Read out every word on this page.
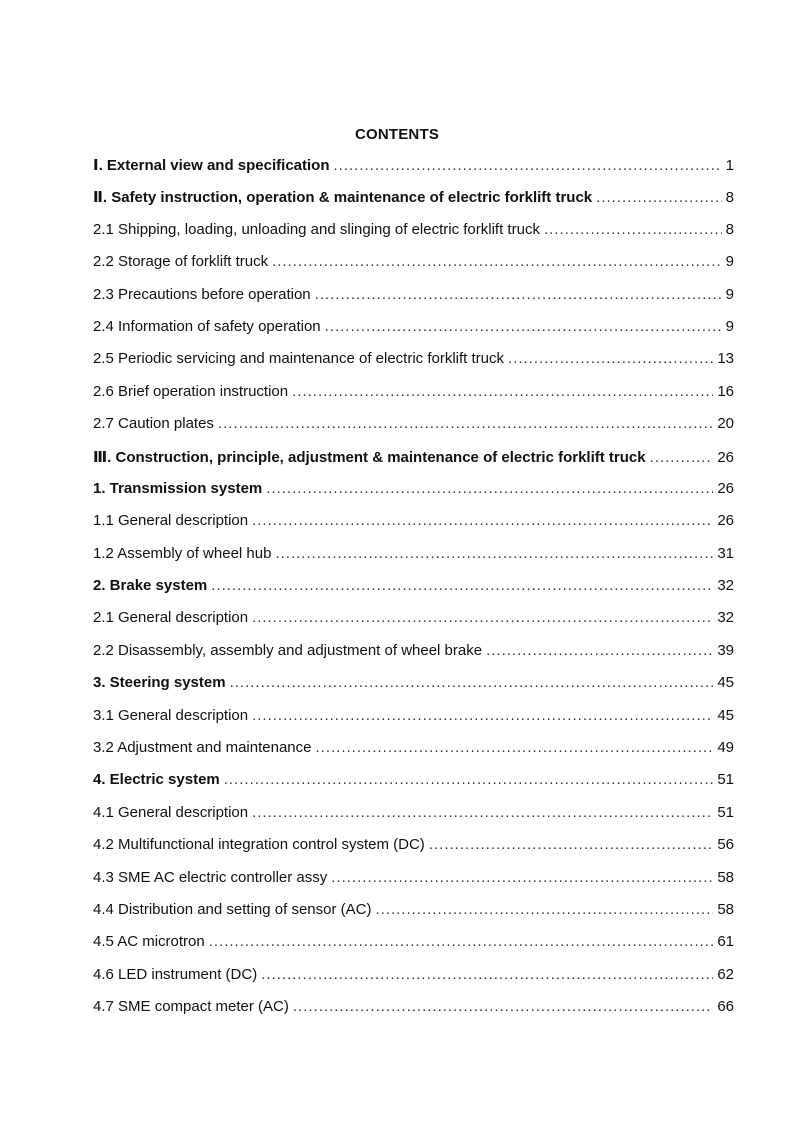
CONTENTS
Ⅰ. External view and specification .....	1
Ⅱ. Safety instruction, operation & maintenance of electric forklift truck .....	8
2.1 Shipping, loading, unloading and slinging of electric forklift truck .....	8
2.2 Storage of forklift truck .....	9
2.3 Precautions before operation .....	9
2.4 Information of safety operation .....	9
2.5 Periodic servicing and maintenance of electric forklift truck .....	13
2.6 Brief operation instruction .....	16
2.7 Caution plates .....	20
Ⅲ. Construction, principle, adjustment & maintenance of electric forklift truck .....	26
1. Transmission system .....	26
1.1 General description .....	26
1.2 Assembly of wheel hub .....	31
2. Brake system .....	32
2.1 General description .....	32
2.2 Disassembly, assembly and adjustment of wheel brake .....	39
3. Steering system .....	45
3.1 General description .....	45
3.2 Adjustment and maintenance .....	49
4. Electric system .....	51
4.1 General description .....	51
4.2 Multifunctional integration control system (DC) .....	56
4.3 SME AC electric controller assy .....	58
4.4 Distribution and setting of sensor (AC) .....	58
4.5 AC microtron .....	61
4.6 LED instrument (DC) .....	62
4.7 SME compact meter (AC) .....	66
